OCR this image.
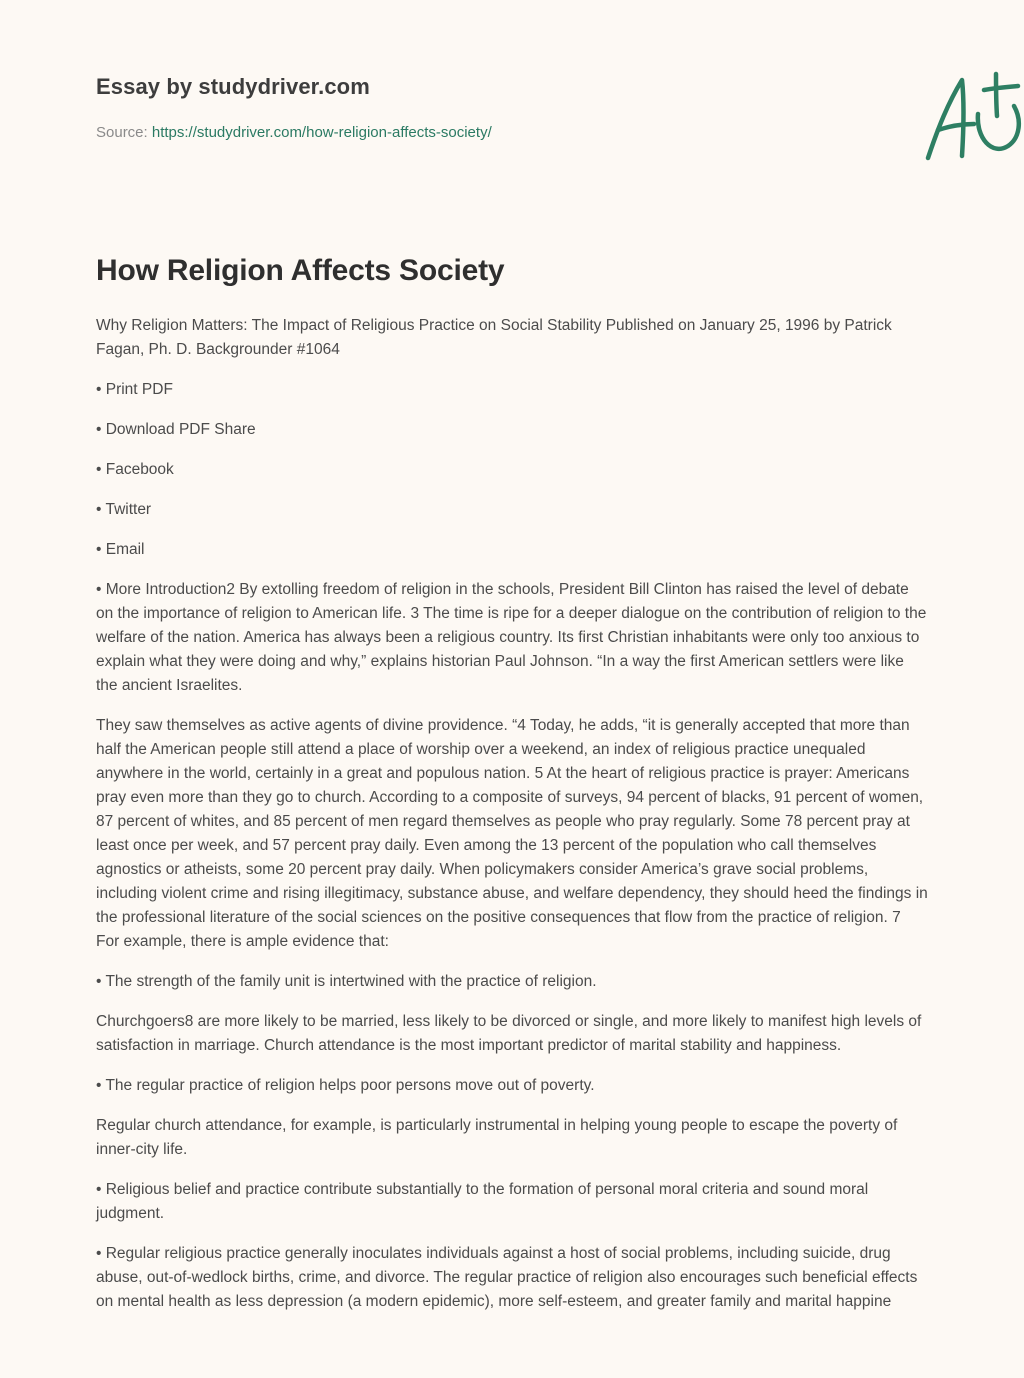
Essay by studydriver.com
Source: https://studydriver.com/how-religion-affects-society/
How Religion Affects Society

Why Religion Matters: The Impact of Religious Practice on Social Stability Published on January 25, 1996 by Patrick Fagan, Ph. D. Backgrounder #1064

• Print PDF

• Download PDF Share

• Facebook

• Twitter

• Email

• More Introduction2 By extolling freedom of religion in the schools, President Bill Clinton has raised the level of debate on the importance of religion to American life. 3 The time is ripe for a deeper dialogue on the contribution of religion to the welfare of the nation. America has always been a religious country. Its first Christian inhabitants were only too anxious to explain what they were doing and why,” explains historian Paul Johnson. “In a way the first American settlers were like the ancient Israelites.

They saw themselves as active agents of divine providence. “4 Today, he adds, “it is generally accepted that more than half the American people still attend a place of worship over a weekend, an index of religious practice unequaled anywhere in the world, certainly in a great and populous nation. 5 At the heart of religious practice is prayer: Americans pray even more than they go to church. According to a composite of surveys, 94 percent of blacks, 91 percent of women, 87 percent of whites, and 85 percent of men regard themselves as people who pray regularly. Some 78 percent pray at least once per week, and 57 percent pray daily. Even among the 13 percent of the population who call themselves agnostics or atheists, some 20 percent pray daily. When policymakers consider America’s grave social problems, including violent crime and rising illegitimacy, substance abuse, and welfare dependency, they should heed the findings in the professional literature of the social sciences on the positive consequences that flow from the practice of religion. 7 For example, there is ample evidence that:

• The strength of the family unit is intertwined with the practice of religion.

Churchgoers8 are more likely to be married, less likely to be divorced or single, and more likely to manifest high levels of satisfaction in marriage. Church attendance is the most important predictor of marital stability and happiness.

• The regular practice of religion helps poor persons move out of poverty.

Regular church attendance, for example, is particularly instrumental in helping young people to escape the poverty of inner-city life.

• Religious belief and practice contribute substantially to the formation of personal moral criteria and sound moral judgment.

• Regular religious practice generally inoculates individuals against a host of social problems, including suicide, drug abuse, out-of-wedlock births, crime, and divorce. The regular practice of religion also encourages such beneficial effects on mental health as less depression (a modern epidemic), more self-esteem, and greater family and marital happine
